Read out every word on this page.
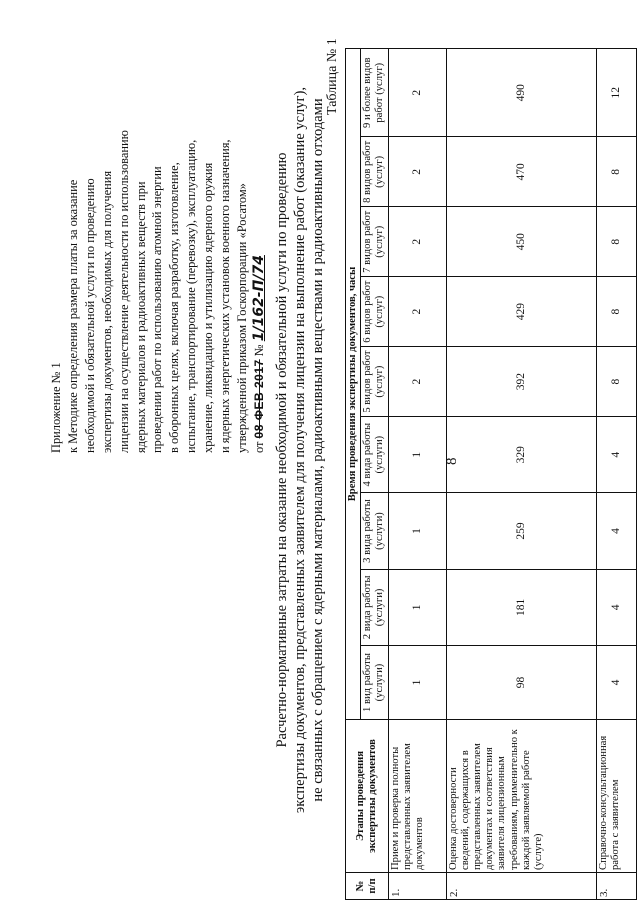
8
Приложение № 1 к Методике определения размера платы за оказание необходимой и обязательной услуги по проведению экспертизы документов, необходимых для получения лицензии на осуществление деятельности по использованию ядерных материалов и радиоактивных веществ при проведении работ по использованию атомной энергии в оборонных целях, включая разработку, изготовление, испытание, транспортирование (перевозку), эксплуатацию, хранение, ликвидацию и утилизацию ядерного оружия и ядерных энергетических установок военного назначения, утвержденной приказом Госкорпорации «Росатом» от 08 ФЕВ 2017 № 1/162-П/74 Расчетно-нормативные затраты на оказание необходимой и обязательной услуги по проведению экспертизы документов, представленных заявителем для получения лицензии на выполнение работ (оказание услуг), не связанных с обращением с ядерными материалами, радиоактивными веществами и радиоактивными отходами
Таблица № 1
№ п/п	Этапы проведения экспертизы документов	Время проведения экспертизы документов, часы								
		1 вид работы (услуги)	2 вида работы (услуги)	3 вида работы (услуги)	4 вида работы (услуги)	5 видов работ (услуг)	6 видов работ (услуг)	7 видов работ (услуг)	8 видов работ (услуг)	9 и более видов работ (услуг)
1.	Прием и проверка полноты представленных заявителем документов	1	1	1	1	2	2	2	2	2
2.	Оценка достоверности сведений, содержащихся в представленных заявителем документах и соответствия заявителя лицензионным требованиям, применительно к каждой заявляемой работе (услуге)	98	181	259	329	392	429	450	470	490
3.	Справочно-консультационная работа с заявителем	4	4	4	4	8	8	8	8	12
